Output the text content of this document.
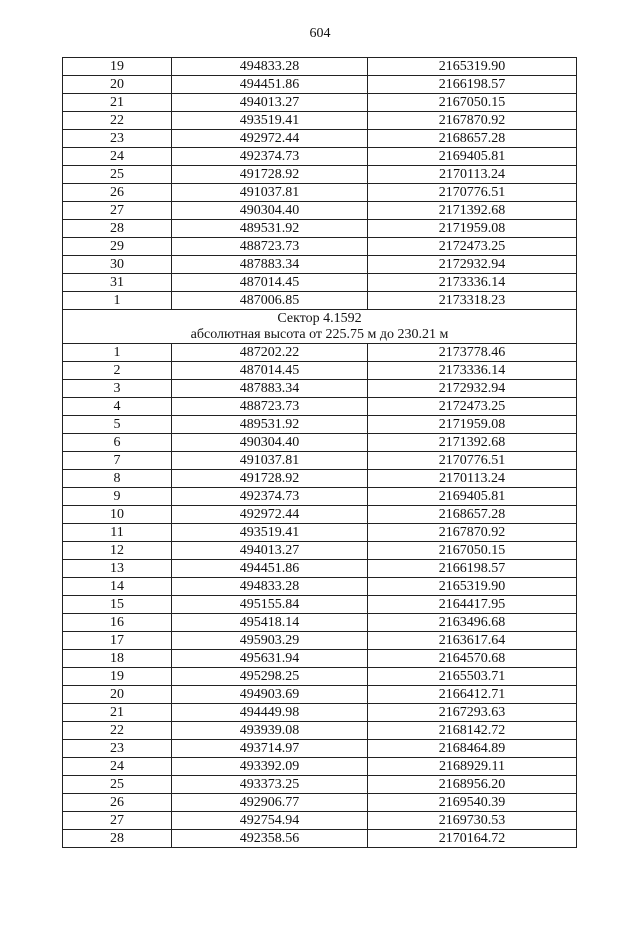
604
19	494833.28	2165319.90
20	494451.86	2166198.57
21	494013.27	2167050.15
22	493519.41	2167870.92
23	492972.44	2168657.28
24	492374.73	2169405.81
25	491728.92	2170113.24
26	491037.81	2170776.51
27	490304.40	2171392.68
28	489531.92	2171959.08
29	488723.73	2172473.25
30	487883.34	2172932.94
31	487014.45	2173336.14
1	487006.85	2173318.23

Сектор 4.1592
абсолютная высота от 225.75 м до 230.21 м		

1	487202.22	2173778.46
2	487014.45	2173336.14
3	487883.34	2172932.94
4	488723.73	2172473.25
5	489531.92	2171959.08
6	490304.40	2171392.68
7	491037.81	2170776.51
8	491728.92	2170113.24
9	492374.73	2169405.81
10	492972.44	2168657.28
11	493519.41	2167870.92
12	494013.27	2167050.15
13	494451.86	2166198.57
14	494833.28	2165319.90
15	495155.84	2164417.95
16	495418.14	2163496.68
17	495903.29	2163617.64
18	495631.94	2164570.68
19	495298.25	2165503.71
20	494903.69	2166412.71
21	494449.98	2167293.63
22	493939.08	2168142.72
23	493714.97	2168464.89
24	493392.09	2168929.11
25	493373.25	2168956.20
26	492906.77	2169540.39
27	492754.94	2169730.53
28	492358.56	2170164.72
